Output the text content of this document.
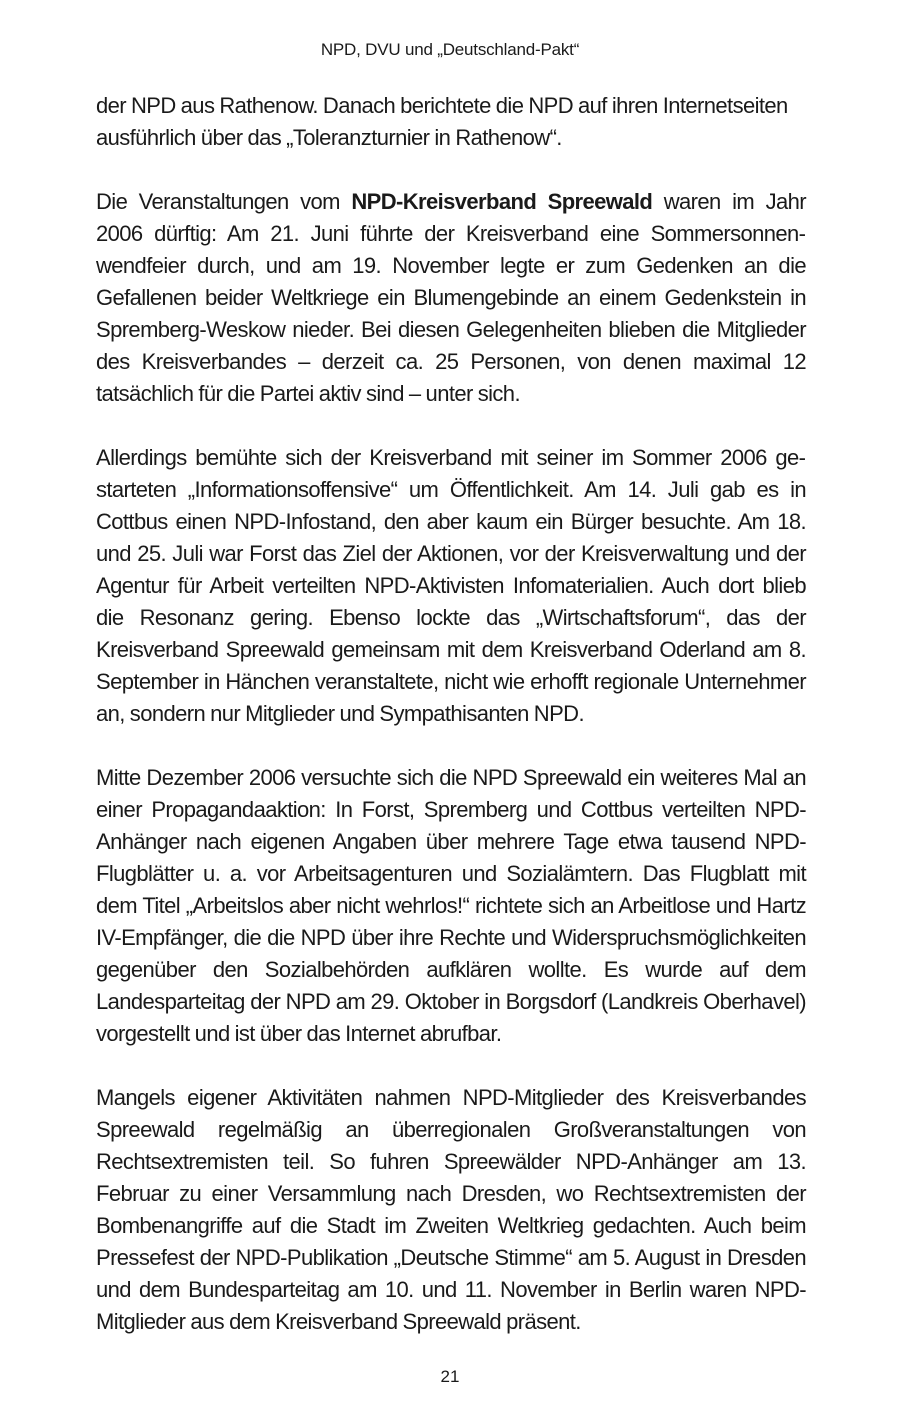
NPD, DVU und „Deutschland-Pakt“

der NPD aus Rathenow. Danach berichtete die NPD auf ihren Internetseiten ausführlich über das „Toleranzturnier in Rathenow“.

Die Veranstaltungen vom NPD-Kreisverband Spreewald waren im Jahr 2006 dürftig: Am 21. Juni führte der Kreisverband eine Sommersonnenwendfeier durch, und am 19. November legte er zum Gedenken an die Gefallenen beider Weltkriege ein Blumengebinde an einem Gedenkstein in Spremberg-Weskow nieder. Bei diesen Gelegenheiten blieben die Mitglieder des Kreisverbandes – derzeit ca. 25 Personen, von denen maximal 12 tatsächlich für die Partei aktiv sind – unter sich.

Allerdings bemühte sich der Kreisverband mit seiner im Sommer 2006 gestarteten „Informationsoffensive“ um Öffentlichkeit. Am 14. Juli gab es in Cottbus einen NPD-Infostand, den aber kaum ein Bürger besuchte. Am 18. und 25. Juli war Forst das Ziel der Aktionen, vor der Kreisverwaltung und der Agentur für Arbeit verteilten NPD-Aktivisten Infomaterialien. Auch dort blieb die Resonanz gering. Ebenso lockte das „Wirtschaftsforum“, das der Kreisverband Spreewald gemeinsam mit dem Kreisverband Oderland am 8. September in Hänchen veranstaltete, nicht wie erhofft regionale Unternehmer an, sondern nur Mitglieder und Sympathisanten NPD.

Mitte Dezember 2006 versuchte sich die NPD Spreewald ein weiteres Mal an einer Propagandaaktion: In Forst, Spremberg und Cottbus verteilten NPD-Anhänger nach eigenen Angaben über mehrere Tage etwa tausend NPD-Flugblätter u. a. vor Arbeitsagenturen und Sozialämtern. Das Flugblatt mit dem Titel „Arbeitslos aber nicht wehrlos!“ richtete sich an Arbeitlose und Hartz IV-Empfänger, die die NPD über ihre Rechte und Widerspruchsmöglichkeiten gegenüber den Sozialbehörden aufklären wollte. Es wurde auf dem Landesparteitag der NPD am 29. Oktober in Borgsdorf (Landkreis Oberhavel) vorgestellt und ist über das Internet abrufbar.

Mangels eigener Aktivitäten nahmen NPD-Mitglieder des Kreisverbandes Spreewald regelmäßig an überregionalen Großveranstaltungen von Rechtsextremisten teil. So fuhren Spreewälder NPD-Anhänger am 13. Februar zu einer Versammlung nach Dresden, wo Rechtsextremisten der Bombenangriffe auf die Stadt im Zweiten Weltkrieg gedachten. Auch beim Pressefest der NPD-Publikation „Deutsche Stimme“ am 5. August in Dresden und dem Bundesparteitag am 10. und 11. November in Berlin waren NPD-Mitglieder aus dem Kreisverband Spreewald präsent.

21
